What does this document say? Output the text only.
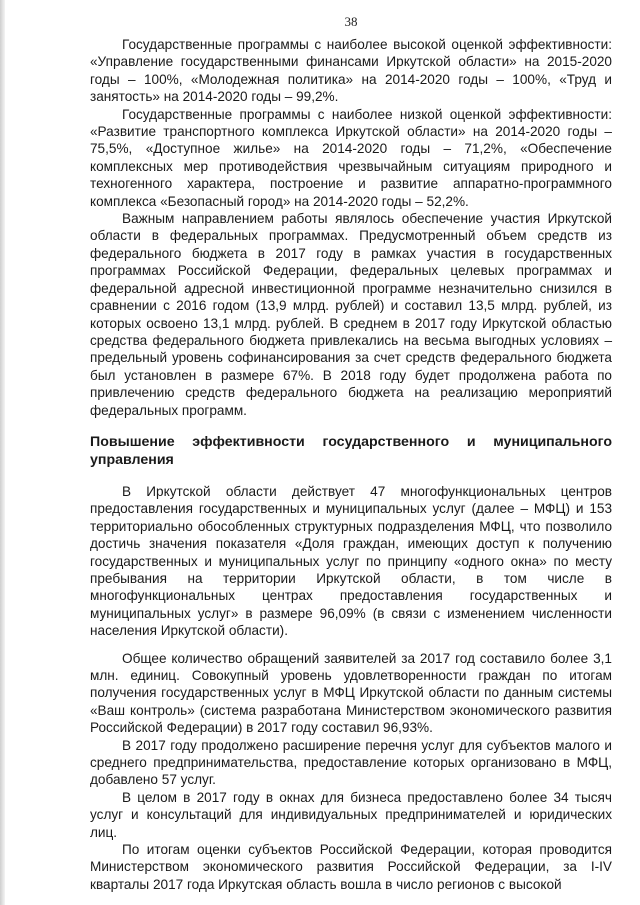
38

Государственные программы с наиболее высокой оценкой эффективности: «Управление государственными финансами Иркутской области» на 2015-2020 годы – 100%, «Молодежная политика» на 2014-2020 годы – 100%, «Труд и занятость» на 2014-2020 годы – 99,2%.

Государственные программы с наиболее низкой оценкой эффективности: «Развитие транспортного комплекса Иркутской области» на 2014-2020 годы – 75,5%, «Доступное жилье» на 2014-2020 годы – 71,2%, «Обеспечение комплексных мер противодействия чрезвычайным ситуациям природного и техногенного характера, построение и развитие аппаратно-программного комплекса «Безопасный город» на 2014-2020 годы – 52,2%.

Важным направлением работы являлось обеспечение участия Иркутской области в федеральных программах. Предусмотренный объем средств из федерального бюджета в 2017 году в рамках участия в государственных программах Российской Федерации, федеральных целевых программах и федеральной адресной инвестиционной программе незначительно снизился в сравнении с 2016 годом (13,9 млрд. рублей) и составил 13,5 млрд. рублей, из которых освоено 13,1 млрд. рублей. В среднем в 2017 году Иркутской областью средства федерального бюджета привлекались на весьма выгодных условиях – предельный уровень софинансирования за счет средств федерального бюджета был установлен в размере 67%. В 2018 году будет продолжена работа по привлечению средств федерального бюджета на реализацию мероприятий федеральных программ.

Повышение эффективности государственного и муниципального управления

В Иркутской области действует 47 многофункциональных центров предоставления государственных и муниципальных услуг (далее – МФЦ) и 153 территориально обособленных структурных подразделения МФЦ, что позволило достичь значения показателя «Доля граждан, имеющих доступ к получению государственных и муниципальных услуг по принципу «одного окна» по месту пребывания на территории Иркутской области, в том числе в многофункциональных центрах предоставления государственных и муниципальных услуг» в размере 96,09% (в связи с изменением численности населения Иркутской области).

Общее количество обращений заявителей за 2017 год составило более 3,1 млн. единиц. Совокупный уровень удовлетворенности граждан по итогам получения государственных услуг в МФЦ Иркутской области по данным системы «Ваш контроль» (система разработана Министерством экономического развития Российской Федерации) в 2017 году составил 96,93%.

В 2017 году продолжено расширение перечня услуг для субъектов малого и среднего предпринимательства, предоставление которых организовано в МФЦ, добавлено 57 услуг.

В целом в 2017 году в окнах для бизнеса предоставлено более 34 тысяч услуг и консультаций для индивидуальных предпринимателей и юридических лиц.

По итогам оценки субъектов Российской Федерации, которая проводится Министерством экономического развития Российской Федерации, за I-IV кварталы 2017 года Иркутская область вошла в число регионов с высокой
